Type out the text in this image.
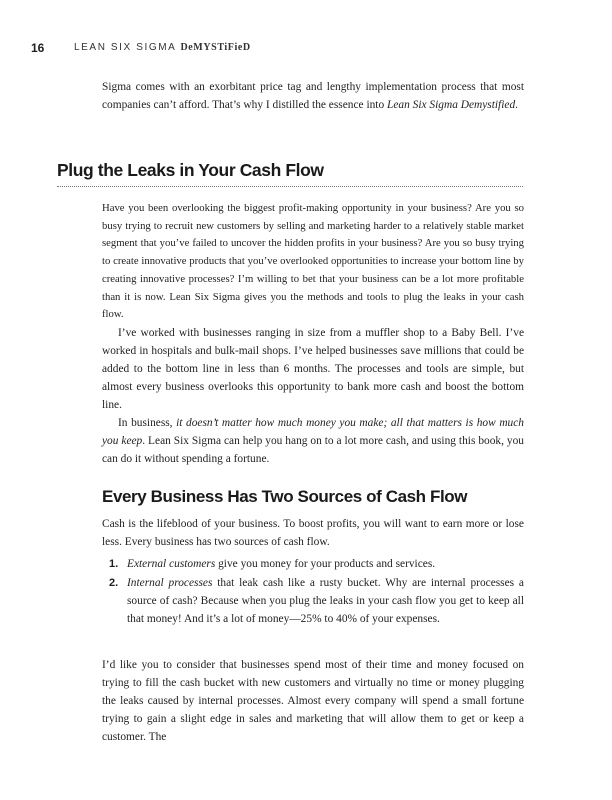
16	LEAN SIX SIGMA DeMYSTiFieD

Sigma comes with an exorbitant price tag and lengthy implementation process that most companies can’t afford. That’s why I distilled the essence into Lean Six Sigma Demystified.

Plug the Leaks in Your Cash Flow

Have you been overlooking the biggest profit-making opportunity in your business? Are you so busy trying to recruit new customers by selling and marketing harder to a relatively stable market segment that you’ve failed to uncover the hidden profits in your business? Are you so busy trying to create innovative products that you’ve overlooked opportunities to increase your bottom line by creating innovative processes? I’m willing to bet that your business can be a lot more profitable than it is now. Lean Six Sigma gives you the methods and tools to plug the leaks in your cash flow.

I’ve worked with businesses ranging in size from a muffler shop to a Baby Bell. I’ve worked in hospitals and bulk-mail shops. I’ve helped businesses save millions that could be added to the bottom line in less than 6 months. The processes and tools are simple, but almost every business overlooks this opportunity to bank more cash and boost the bottom line.

In business, it doesn’t matter how much money you make; all that matters is how much you keep. Lean Six Sigma can help you hang on to a lot more cash, and using this book, you can do it without spending a fortune.

Every Business Has Two Sources of Cash Flow
Cash is the lifeblood of your business. To boost profits, you will want to earn more or lose less. Every business has two sources of cash flow.
1. External customers give you money for your products and services.
2. Internal processes that leak cash like a rusty bucket. Why are internal processes a source of cash? Because when you plug the leaks in your cash flow you get to keep all that money! And it’s a lot of money—25% to 40% of your expenses.
I’d like you to consider that businesses spend most of their time and money focused on trying to fill the cash bucket with new customers and virtually no time or money plugging the leaks caused by internal processes. Almost every company will spend a small fortune trying to gain a slight edge in sales and marketing that will allow them to get or keep a customer. The
